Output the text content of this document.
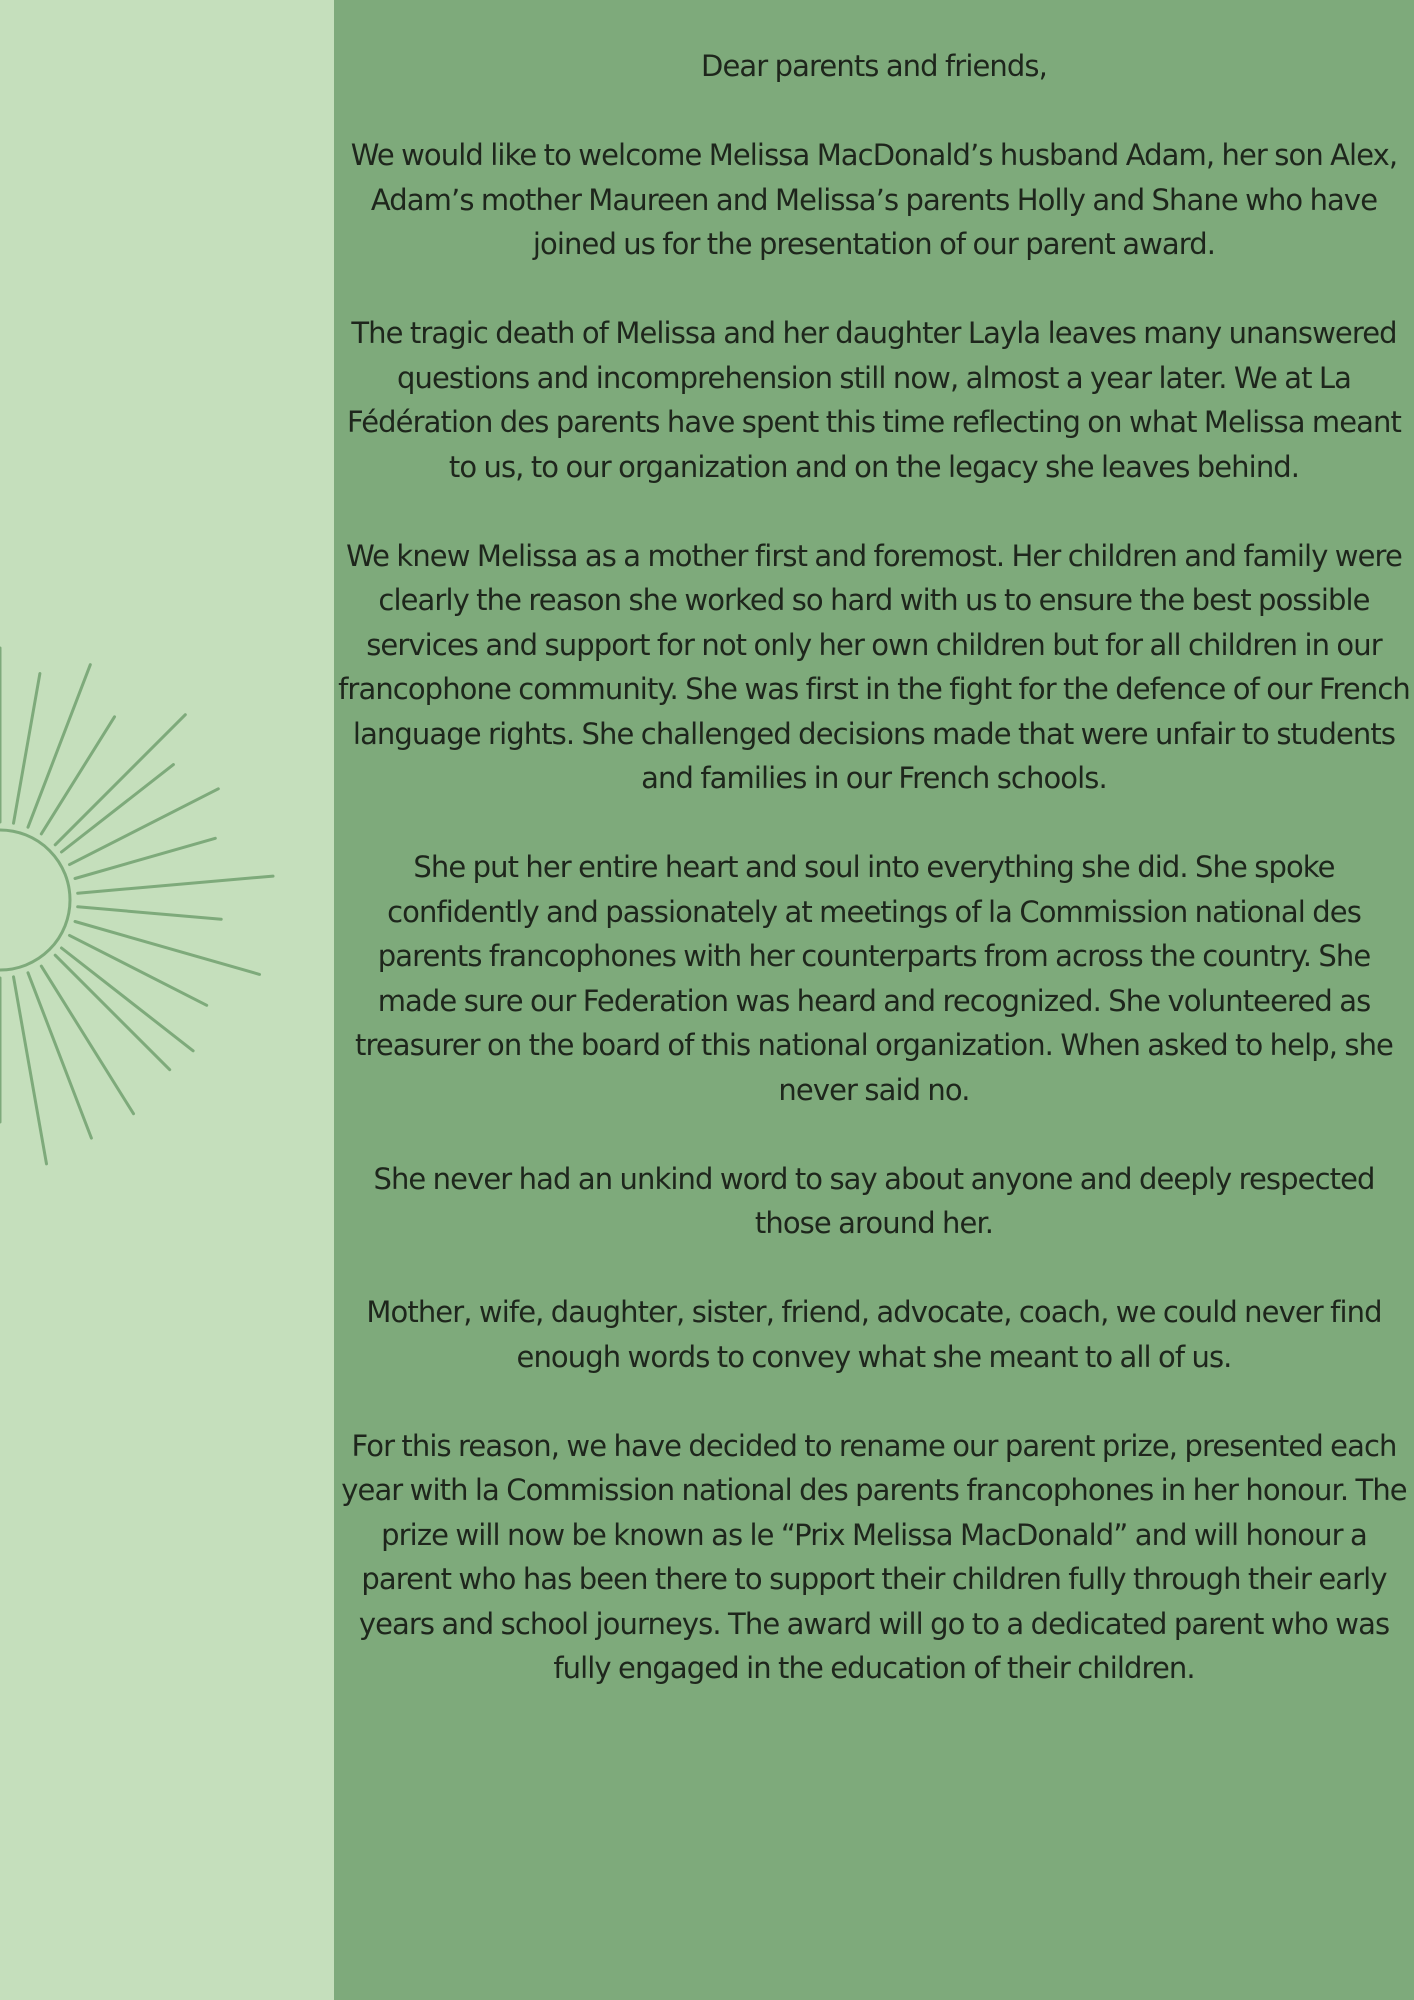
Dear parents and friends,

We would like to welcome Melissa MacDonald’s husband Adam, her son Alex, Adam’s mother Maureen and Melissa’s parents Holly and Shane who have joined us for the presentation of our parent award.

The tragic death of Melissa and her daughter Layla leaves many unanswered questions and incomprehension still now, almost a year later. We at La Fédération des parents have spent this time reflecting on what Melissa meant to us, to our organization and on the legacy she leaves behind.

We knew Melissa as a mother first and foremost. Her children and family were clearly the reason she worked so hard with us to ensure the best possible services and support for not only her own children but for all children in our francophone community. She was first in the fight for the defence of our French language rights. She challenged decisions made that were unfair to students and families in our French schools.

She put her entire heart and soul into everything she did. She spoke confidently and passionately at meetings of la Commission national des parents francophones with her counterparts from across the country. She made sure our Federation was heard and recognized. She volunteered as treasurer on the board of this national organization. When asked to help, she never said no.

She never had an unkind word to say about anyone and deeply respected those around her.

Mother, wife, daughter, sister, friend, advocate, coach, we could never find enough words to convey what she meant to all of us.

For this reason, we have decided to rename our parent prize, presented each year with la Commission national des parents francophones in her honour. The prize will now be known as le “Prix Melissa MacDonald” and will honour a parent who has been there to support their children fully through their early years and school journeys. The award will go to a dedicated parent who was fully engaged in the education of their children.
